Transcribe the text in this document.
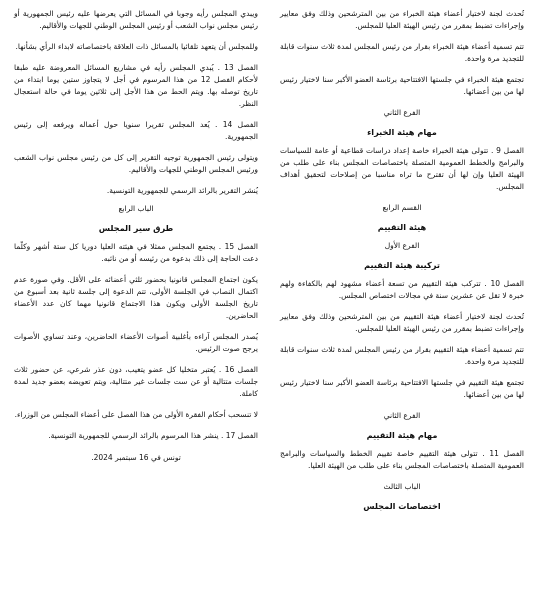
تُحدث لجنة لاختيار أعضاء هيئة الخبراء من بين المترشحين وذلك وفق معايير وإجراءات تضبط بمقرر من رئيس الهيئة العليا للمجلس.

تتم تسمية أعضاء هيئة الخبراء بقرار من رئيس المجلس لمدة ثلاث سنوات قابلة للتجديد مرة واحدة.

تجتمع هيئة الخبراء في جلستها الافتتاحية برئاسة العضو الأكبر سنا لاختيار رئيس لها من بين أعضائها.

الفرع الثاني
مهام هيئة الخبراء

الفصل 9 . تتولى هيئة الخبراء خاصة إعداد دراسات قطاعية أو عامة للسياسات والبرامج والخطط العمومية المتصلة باختصاصات المجلس بناء على طلب من الهيئة العليا وإن لها أن تقترح ما تراه مناسبا من إصلاحات لتحقيق أهداف المجلس.

القسم الرابع
هيئة التقييم
الفرع الأول
تركيبة هيئة التقييم

الفصل 10 . تتركب هيئة التقييم من تسعة أعضاء مشهود لهم بالكفاءة ولهم خبرة لا تقل عن عشرين سنة في مجالات اختصاص المجلس.

تُحدث لجنة لاختيار أعضاء هيئة التقييم من بين المترشحين وذلك وفق معايير وإجراءات تضبط بمقرر من رئيس الهيئة العليا للمجلس.

تتم تسمية أعضاء هيئة التقييم بقرار من رئيس المجلس لمدة ثلاث سنوات قابلة للتجديد مرة واحدة.

تجتمع هيئة التقييم في جلستها الافتتاحية برئاسة العضو الأكبر سنا لاختيار رئيس لها من بين أعضائها.

الفرع الثاني
مهام هيئة التقييم

الفصل 11 . تتولى هيئة التقييم خاصة تقييم الخطط والسياسات والبرامج العمومية المتصلة باختصاصات المجلس بناء على طلب من الهيئة العليا.

الباب الثالث
اختصاصات المجلس

ويبدي المجلس رأيه وجوبا في المسائل التي يعرضها عليه رئيس الجمهورية أو رئيس مجلس نواب الشعب أو رئيس المجلس الوطني للجهات والأقاليم.

وللمجلس أن يتعهد تلقائيا بالمسائل ذات العلاقة باختصاصاته لابداء الرأي بشأنها.

الفصل 13 . يُبدي المجلس رأيه في مشاريع المسائل المعروضة عليه طبقا لأحكام الفصل 12 من هذا المرسوم في أجل لا يتجاوز ستين يوما ابتداء من تاريخ توصله بها. ويتم الحط من هذا الأجل إلى ثلاثين يوما في حالة استعجال النظر.

الفصل 14 . يُعد المجلس تقريرا سنويا حول أعماله ويرفعه إلى رئيس الجمهورية.

ويتولى رئيس الجمهورية توجيه التقرير إلى كل من رئيس مجلس نواب الشعب ورئيس المجلس الوطني للجهات والأقاليم.

يُنشر التقرير بالرائد الرسمي للجمهورية التونسية.

الباب الرابع
طرق سير المجلس

الفصل 15 . يجتمع المجلس ممثلا في هيئته العليا دوريا كل ستة أشهر وكلّما دعت الحاجة إلى ذلك بدعوة من رئيسه أو من نائبه.

يكون اجتماع المجلس قانونيا بحضور ثلثي أعضائه على الأقل. وفي صورة عدم اكتمال النصاب في الجلسة الأولى، تتم الدعوة إلى جلسة ثانية بعد أسبوع من تاريخ الجلسة الأولى ويكون هذا الاجتماع قانونيا مهما كان عدد الأعضاء الحاضرين.

يُصدر المجلس آراءه بأغلبية أصوات الأعضاء الحاضرين، وعند تساوي الأصوات يرجح صوت الرئيس.

الفصل 16 . يُعتبر متخليا كل عضو يتغيب، دون عذر شرعي، عن حضور ثلاث جلسات متتالية أو عن ست جلسات غير متتالية، ويتم تعويضه بعضو جديد لمدة كاملة.

لا تنسحب أحكام الفقرة الأولى من هذا الفصل على أعضاء المجلس من الوزراء.

الفصل 17 . ينشر هذا المرسوم بالرائد الرسمي للجمهورية التونسية.

تونس في 16 سبتمبر 2024.
